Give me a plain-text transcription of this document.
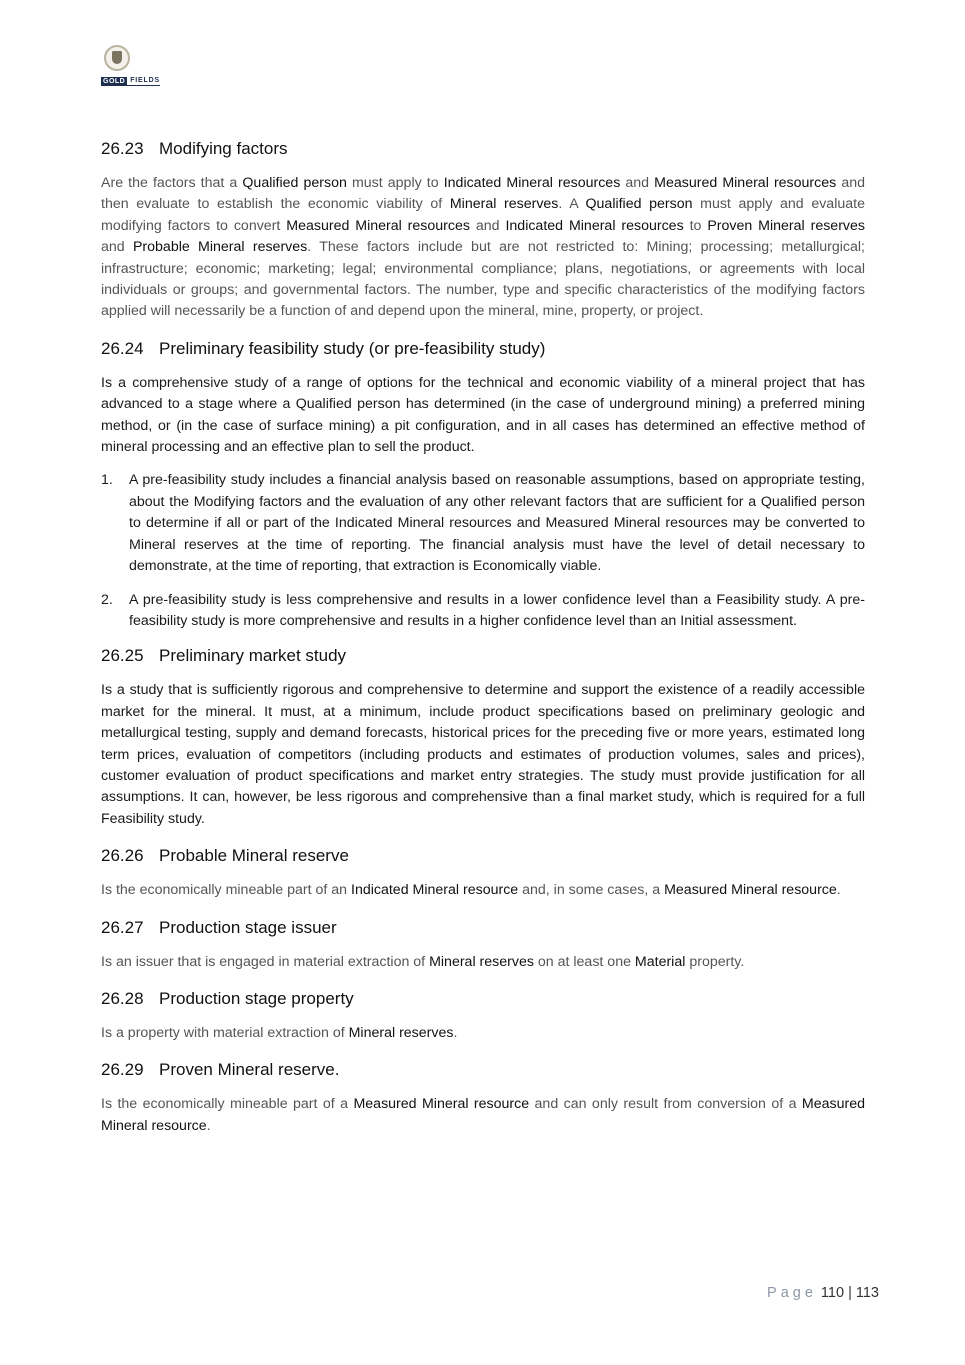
GOLD FIELDS
26.23 Modifying factors

Are the factors that a Qualified person must apply to Indicated Mineral resources and Measured Mineral resources and then evaluate to establish the economic viability of Mineral reserves. A Qualified person must apply and evaluate modifying factors to convert Measured Mineral resources and Indicated Mineral resources to Proven Mineral reserves and Probable Mineral reserves. These factors include but are not restricted to: Mining; processing; metallurgical; infrastructure; economic; marketing; legal; environmental compliance; plans, negotiations, or agreements with local individuals or groups; and governmental factors. The number, type and specific characteristics of the modifying factors applied will necessarily be a function of and depend upon the mineral, mine, property, or project.

26.24 Preliminary feasibility study (or pre-feasibility study)

Is a comprehensive study of a range of options for the technical and economic viability of a mineral project that has advanced to a stage where a Qualified person has determined (in the case of underground mining) a preferred mining method, or (in the case of surface mining) a pit configuration, and in all cases has determined an effective method of mineral processing and an effective plan to sell the product.

1. A pre-feasibility study includes a financial analysis based on reasonable assumptions, based on appropriate testing, about the Modifying factors and the evaluation of any other relevant factors that are sufficient for a Qualified person to determine if all or part of the Indicated Mineral resources and Measured Mineral resources may be converted to Mineral reserves at the time of reporting. The financial analysis must have the level of detail necessary to demonstrate, at the time of reporting, that extraction is Economically viable.
2. A pre-feasibility study is less comprehensive and results in a lower confidence level than a Feasibility study. A pre-feasibility study is more comprehensive and results in a higher confidence level than an Initial assessment.
26.25 Preliminary market study

Is a study that is sufficiently rigorous and comprehensive to determine and support the existence of a readily accessible market for the mineral. It must, at a minimum, include product specifications based on preliminary geologic and metallurgical testing, supply and demand forecasts, historical prices for the preceding five or more years, estimated long term prices, evaluation of competitors (including products and estimates of production volumes, sales and prices), customer evaluation of product specifications and market entry strategies. The study must provide justification for all assumptions. It can, however, be less rigorous and comprehensive than a final market study, which is required for a full Feasibility study.

26.26 Probable Mineral reserve

Is the economically mineable part of an Indicated Mineral resource and, in some cases, a Measured Mineral resource.

26.27 Production stage issuer

Is an issuer that is engaged in material extraction of Mineral reserves on at least one Material property.

26.28 Production stage property

Is a property with material extraction of Mineral reserves.

26.29 Proven Mineral reserve.

Is the economically mineable part of a Measured Mineral resource and can only result from conversion of a Measured Mineral resource.

Page 110 | 113
